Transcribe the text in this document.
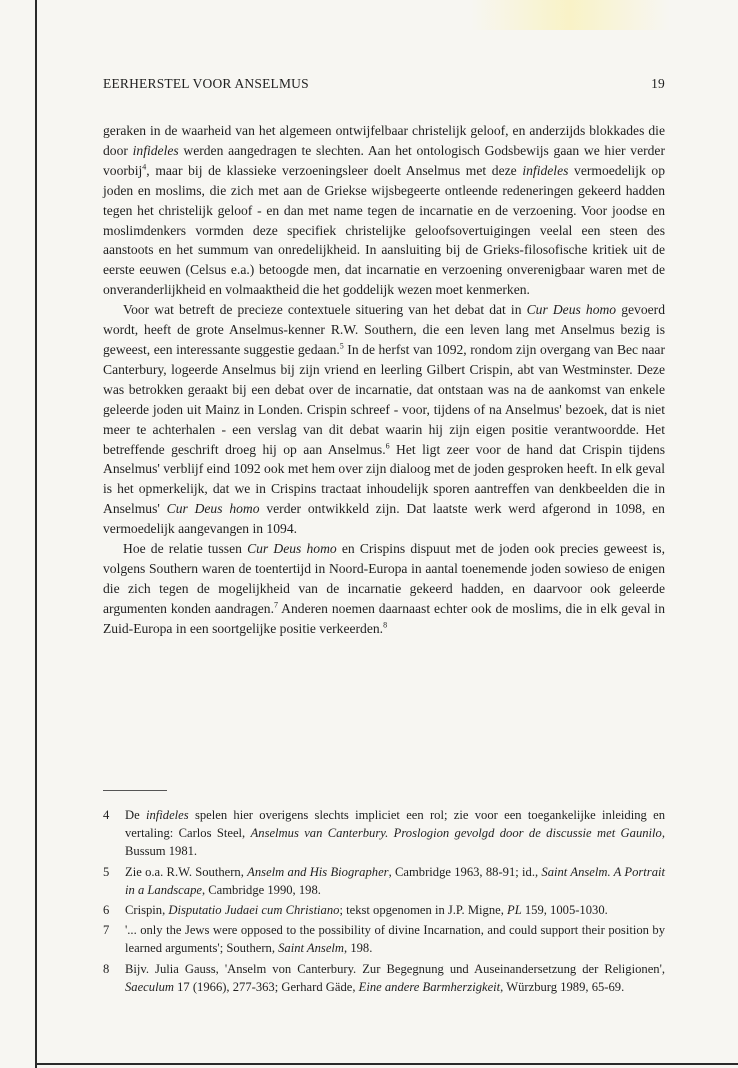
EERHERSTEL VOOR ANSELMUS	19

geraken in de waarheid van het algemeen ontwijfelbaar christelijk geloof, en anderzijds blokkades die door infideles werden aangedragen te slechten. Aan het ontologisch Godsbewijs gaan we hier verder voorbij$^4$, maar bij de klassieke verzoeningsleer doelt Anselmus met deze infideles vermoedelijk op joden en moslims, die zich met aan de Griekse wijsbegeerte ontleende redeneringen gekeerd hadden tegen het christelijk geloof - en dan met name tegen de incarnatie en de verzoening. Voor joodse en moslimdenkers vormden deze specifiek christelijke geloofsovertuigingen veelal een steen des aanstoots en het summum van onredelijkheid. In aansluiting bij de Grieks-filosofische kritiek uit de eerste eeuwen (Celsus e.a.) betoogde men, dat incarnatie en verzoening onverenigbaar waren met de onveranderlijkheid en volmaaktheid die het goddelijk wezen moet kenmerken.

Voor wat betreft de precieze contextuele situering van het debat dat in Cur Deus homo gevoerd wordt, heeft de grote Anselmus-kenner R.W. Southern, die een leven lang met Anselmus bezig is geweest, een interessante suggestie gedaan.$^5$ In de herfst van 1092, rondom zijn overgang van Bec naar Canterbury, logeerde Anselmus bij zijn vriend en leerling Gilbert Crispin, abt van Westminster. Deze was betrokken geraakt bij een debat over de incarnatie, dat ontstaan was na de aankomst van enkele geleerde joden uit Mainz in Londen. Crispin schreef - voor, tijdens of na Anselmus' bezoek, dat is niet meer te achterhalen - een verslag van dit debat waarin hij zijn eigen positie verantwoordde. Het betreffende geschrift droeg hij op aan Anselmus.$^6$ Het ligt zeer voor de hand dat Crispin tijdens Anselmus' verblijf eind 1092 ook met hem over zijn dialoog met de joden gesproken heeft. In elk geval is het opmerkelijk, dat we in Crispins tractaat inhoudelijk sporen aantreffen van denkbeelden die in Anselmus' Cur Deus homo verder ontwikkeld zijn. Dat laatste werk werd afgerond in 1098, en vermoedelijk aangevangen in 1094.

Hoe de relatie tussen Cur Deus homo en Crispins dispuut met de joden ook precies geweest is, volgens Southern waren de toentertijd in Noord-Europa in aantal toenemende joden sowieso de enigen die zich tegen de mogelijkheid van de incarnatie gekeerd hadden, en daarvoor ook geleerde argumenten konden aandragen.$^7$ Anderen noemen daarnaast echter ook de moslims, die in elk geval in Zuid-Europa in een soortgelijke positie verkeerden.$^8$

4	De infideles spelen hier overigens slechts impliciet een rol; zie voor een toegankelijke inleiding en vertaling: Carlos Steel, Anselmus van Canterbury. Proslogion gevolgd door de discussie met Gaunilo, Bussum 1981.
5	Zie o.a. R.W. Southern, Anselm and His Biographer, Cambridge 1963, 88-91; id., Saint Anselm. A Portrait in a Landscape, Cambridge 1990, 198.
6	Crispin, Disputatio Judaei cum Christiano; tekst opgenomen in J.P. Migne, PL 159, 1005-1030.
7	'... only the Jews were opposed to the possibility of divine Incarnation, and could support their position by learned arguments'; Southern, Saint Anselm, 198.
8	Bijv. Julia Gauss, 'Anselm von Canterbury. Zur Begegnung und Auseinandersetzung der Religionen', Saeculum 17 (1966), 277-363; Gerhard Gäde, Eine andere Barmherzigkeit, Würzburg 1989, 65-69.
